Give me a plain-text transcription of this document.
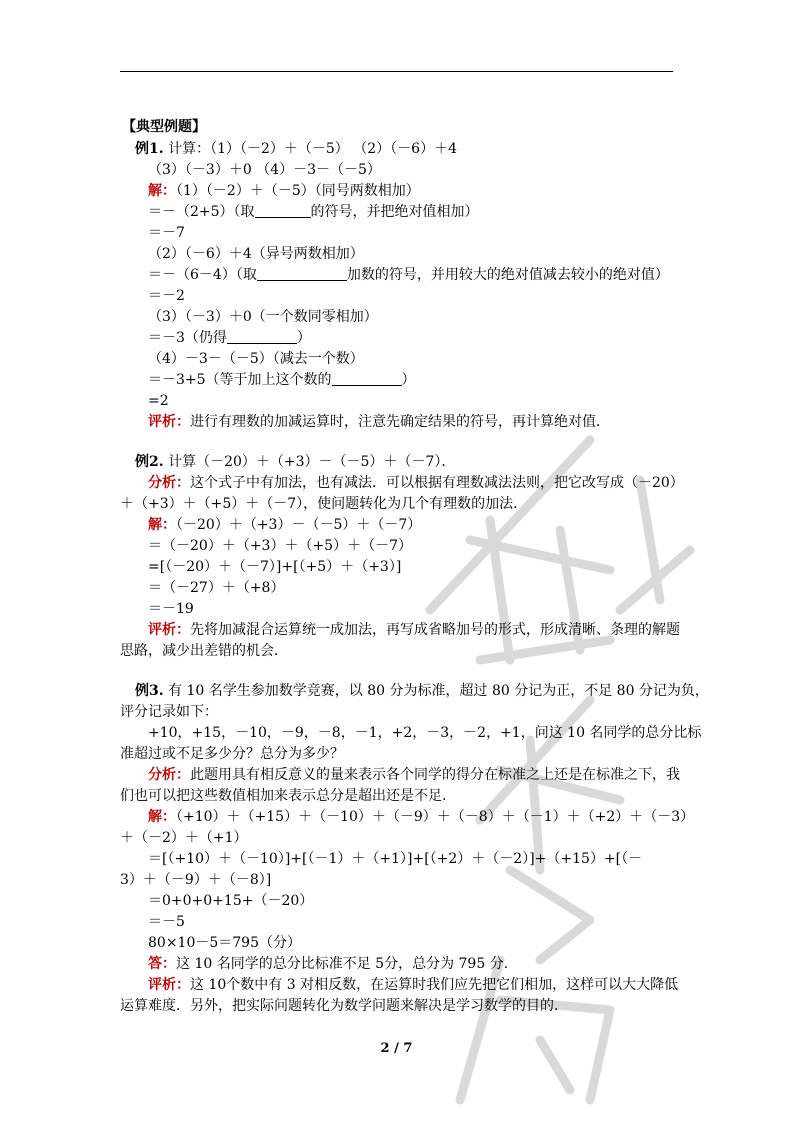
【典型例题】
例1. 计算：（1）（－2）＋（－5） （2）（－6）＋4
（3）（－3）＋0 （4）－3－（－5）
解：（1）（－2）＋（－5）（同号两数相加）
＝－（2+5）（取	的符号，并把绝对值相加）
＝－7
（2）（－6）＋4（异号两数相加）
＝－（6－4）（取	加数的符号，并用较大的绝对值减去较小的绝对值）
＝－2
（3）（－3）＋0（一个数同零相加）
＝－3（仍得	）
（4）－3－（－5）（减去一个数）
＝－3+5（等于加上这个数的	）
=2
评析：进行有理数的加减运算时，注意先确定结果的符号，再计算绝对值．
例2. 计算（－20）＋（+3）－（－5）＋（－7）．
分析：这个式子中有加法，也有减法．可以根据有理数减法法则，把它改写成（－20）
＋（+3）＋（+5）＋（－7），使问题转化为几个有理数的加法．
解：（－20）＋（+3）－（－5）＋（－7）
＝（－20）＋（+3）＋（+5）＋（－7）
=[（－20）＋（－7）]+[（+5）＋（+3）]
＝（－27）＋（+8）
＝－19
评析：先将加减混合运算统一成加法，再写成省略加号的形式，形成清晰、条理的解题
思路，减少出差错的机会．
例3. 有 10 名学生参加数学竞赛，以 80 分为标准，超过 80 分记为正，不足 80 分记为负，
评分记录如下：
+10，+15，－10，－9，－8，－1，+2，－3，－2，+1，问这 10 名同学的总分比标
准超过或不足多少分？总分为多少？
分析：此题用具有相反意义的量来表示各个同学的得分在标准之上还是在标准之下，我
们也可以把这些数值相加来表示总分是超出还是不足．
解：（+10）＋（+15）＋（－10）＋（－9）＋（－8）＋（－1）＋（+2）＋（－3）
＋（－2）＋（+1）
＝[（+10）＋（－10）]+[（－1）＋（+1）]+[（+2）＋（－2）]+（+15）+[（－
3）＋（－9）＋（－8）]
＝0+0+0+15+（－20）
＝－5
80×10－5＝795（分）
答：这 10 名同学的总分比标准不足 5分，总分为 795 分．
评析：这 10个数中有 3 对相反数，在运算时我们应先把它们相加，这样可以大大降低
运算难度．另外，把实际问题转化为数学问题来解决是学习数学的目的．
2 / 7
